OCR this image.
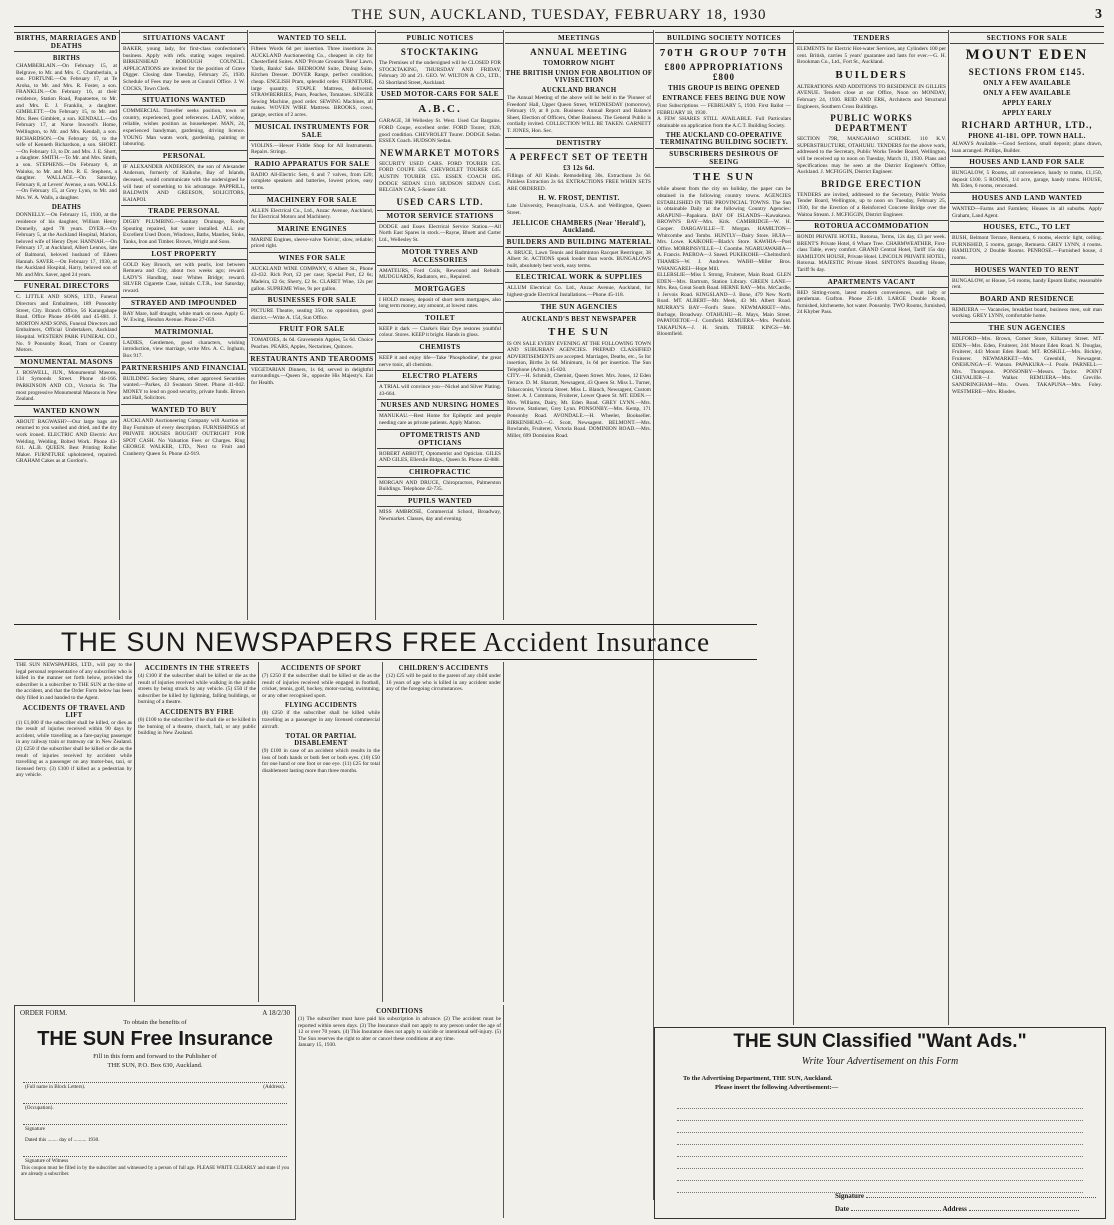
THE SUN, AUCKLAND, TUESDAY, FEBRUARY 18, 1930	3
BIRTHS, MARRIAGES AND DEATHS
BIRTHS
CHAMBERLAIN.—On February 15, at Belgrave, to Mr. and Mrs. C. Chamberlain, a son. FORTUNE.—On February 17, at Te Aroha, to Mr. and Mrs. R. Foster, a son. FRANKLIN.—On February 16, at their residence, Station Road, Papatoetoe, to Mr. and Mrs. E. J. Franklin, a daughter. GIMBLETT.—On February 15, to Mr. and Mrs. Rees Gimblett, a son. KENDALL.—On February 17, at Nurse Inwood's Home, Wellington, to Mr. and Mrs. Kendall, a son. RICHARDSON.—On February 16, to the wife of Kenneth Richardson, a son. SHORT.—On February 13, to Dr. and Mrs. J. E. Short, a daughter. SMITH.—To Mr. and Mrs. Smith, a son. STEPHENS.—On February 6, at Waiuku, to Mr. and Mrs. R. E. Stephens, a daughter. WALLACE.—On Saturday, February 8, at Levers' Avenue, a son. WALLS.—On February 15, at Grey Lynn, to Mr. and Mrs. W. A. Walls, a daughter.
DEATHS
DONNELLY.—On February 15, 1930, at the residence of his daughter, William Henry Donnelly, aged 78 years. DYER.—On February 5, at the Auckland Hospital, Marion, beloved wife of Henry Dyer. HANNAH.—On February 17, at Auckland, Albert Lennox, late of Balmoral, beloved husband of Eileen Hannah. SAVER.—On February 17, 1930, at the Auckland Hospital, Harry, beloved son of Mr. and Mrs. Saver, aged 24 years.
FUNERAL DIRECTORS
C. LITTLE AND SONS, LTD., Funeral Directors and Embalmers, 189 Ponsonby Street, City. Branch Office, 56 Karangahape Road. Office Phone 46-606 and 45-881. J. MORTON AND SONS, Funeral Directors and Embalmers, Official Undertakers, Auckland Hospital. WESTERN PARK FUNERAL CO., No. 9 Ponsonby Road, Tram or Country Motors.
MONUMENTAL MASONS
J. BOSWELL, JUN., Monumental Masons, 134 Symonds Street. Phone 44-166. PARKINSON AND CO., Victoria St. The most progressive Monumental Masons in New Zealand.
WANTED KNOWN
ABOUT BAGWASH?—Our large bags are returned to you washed and dried, and the dry work ironed. ELECTRIC AND Electric Arc Welding, Welding, Bolted Work. Phone 43-611. AL.B. QUEEN. Best Printing Roller Maker. FURNITURE upholstered, repaired. GRAHAM Cakes as at Gordon's.
SITUATIONS VACANT
BAKER, young lady, for first-class confectioner's business. Apply with refs. stating wages required. BIRKENHEAD BOROUGH COUNCIL. APPLICATIONS are invited for the position of Grave Digger. Closing date Tuesday, February 25, 1930. Schedule of Fees may be seen at Council Office. J. W. COCKS, Town Clerk.
SITUATIONS WANTED
COMMERCIAL Traveller seeks position, town or country, experienced, good references. LADY, widow, reliable, wishes position as housekeeper. MAN, 24, experienced handyman, gardening, driving licence. YOUNG Man wants work, gardening, painting or labouring.
PERSONAL
IF ALEXANDER ANDERSON, the son of Alexander Anderson, formerly of Kaikohe, Bay of Islands, deceased, would communicate with the undersigned he will hear of something to his advantage. PAPPRILL, BALDWIN AND GREESON, SOLICITORS, KAIAPOI.
TRADE PERSONAL
DIGBY PLUMBING.—Sanitary Drainage, Roofs, Spouting repaired, hot water installed. ALL our Excellent Used Doors, Windows, Baths, Mantles, Sinks, Tanks, Iron and Timber. Brown, Wright and Sons.
LOST PROPERTY
GOLD Key Brooch, set with pearls, lost between Remuera and City, about two weeks ago; reward. LADY'S Handbag, near Whites Bridge; reward. SILVER Cigarette Case, initials C.T.R., lost Saturday, reward.
STRAYED AND IMPOUNDED
BAY Mare, half draught, white mark on nose. Apply G. W. Ewing, Hendon Avenue. Phone 27-059.
MATRIMONIAL
LADIES, Gentlemen, good characters, wishing introduction, view marriage, write Mrs. A. C. Ingham, Box 917.
PARTNERSHIPS AND FINANCIAL
BUILDING Society Shares, other approved Securities wanted.—Parkes, 43 Swanson Street. Phone 41-042. MONEY to lend on good security, private funds. Brown and Hall, Solicitors.
WANTED TO BUY
AUCKLAND Auctioneering Company will Auction or Buy Furniture of every description. FURNISHINGS of PRIVATE HOUSES BOUGHT OUTRIGHT FOR SPOT CASH. No Valuation Fees or Charges. Ring GEORGE WALKER, LTD., Next to Fruit and Cranberry Queen St. Phone 42-919.
WANTED TO SELL
Fifteen Words 6d per insertion. Three insertions 2s. AUCKLAND Auctioneering Co., cheapest in city for Chesterfield Suites. AND 'Private Grounds 'Rose' Lawn, Yards, Banks' Sale. BEDROOM Suite, Dining Suite, Kitchen Dresser. DOVER Range, perfect condition, cheap. ENGLISH Pram, splendid order. FURNITURE, large quantity. STAPLE Mattress, delivered. STRAWBERRIES, Pears, Peaches, Tomatoes. SINGER Sewing Machine, good order. SEWING Machines, all makes. WOVEN WIRE Mattress. BROOKS, cows, garage, section of 2 acres.
MUSICAL INSTRUMENTS FOR SALE
VIOLINS.—Hewer Fiddle Shop for All Instruments. Repairs. Strings.
RADIO APPARATUS FOR SALE
RADIO All-Electric Sets, 6 and 7 valves, from £20; complete speakers and batteries, lowest prices, easy terms.
MACHINERY FOR SALE
ALLEN Electrical Co., Ltd., Anzac Avenue, Auckland, for Electrical Motors and Machinery.
MARINE ENGINES
MARINE Engines, sleeve-valve 'Kelvin', slow, reliable; priced right.
WINES FOR SALE
AUCKLAND WINE COMPANY, 6 Albert St., Phone 43-432. Rich Port, £2 per case; Special Port, £2 6s; Madeira, £2 6s; Sherry, £2 6s. CLARET Wine, 12s per gallon. SUPREME Wine, 9s per gallon.
BUSINESSES FOR SALE
PICTURE Theatre, seating 350, no opposition, good district.—Write A. 154, Sun Office.
FRUIT FOR SALE
TOMATOES, 4s 6d. Gravenstein Apples, 5s 6d. Choice Peaches. PEARS, Apples, Nectarines, Quinces.
RESTAURANTS AND TEAROOMS
VEGETARIAN Dinners, 1s 6d, served in delightful surroundings.—Queen St., opposite His Majesty's. Eat for Health.
PUBLIC NOTICES
STOCKTAKING
The Premises of the undersigned will be CLOSED FOR STOCKTAKING, THURSDAY AND FRIDAY, February 20 and 21. GEO. W. WILTON & CO., LTD., 63 Shortland Street, Auckland.
USED MOTOR-CARS FOR SALE
A.B.C.
GARAGE, 38 Wellesley St. West. Used Car Bargains. FORD Coupe, excellent order. FORD Tourer, 1928, good condition. CHEVROLET Tourer. DODGE Sedan. ESSEX Coach. HUDSON Sedan.
NEWMARKET MOTORS
SECURITY USED CARS. FORD TOURER £35. FORD COUPE £65. CHEVROLET TOURER £45. AUSTIN TOURER £55. ESSEX COACH £85. DODGE SEDAN £110. HUDSON SEDAN £145. BELGIAN CAR, 5-Seater £40.
USED CARS LTD.
MOTOR SERVICE STATIONS
DODGE and Essex Electrical Service Station.—All North East Spares in stock.—Rayne, Bluett and Carter Ltd., Wellesley St.
MOTOR TYRES AND ACCESSORIES
AMATEURS, Ford Coils, Rewound and Rebuilt. MUDGUARDS, Radiators, etc., Repaired.
MORTGAGES
I HOLD money, deposit of short term mortgages, also long term money, any amount, at lowest rates.
TOILET
KEEP it dark — Clarke's Hair Dye restores youthful colour. Stores. KEEP it bright. Hands in gloss.
CHEMISTS
KEEP it and enjoy life—Take 'Phosphodine', the great nerve tonic, all chemists.
ELECTRO PLATERS
A TRIAL will convince you—Nickel and Silver Plating. 43-664.
NURSES AND NURSING HOMES
MANUKAU.—Rest Home for Epileptic and people needing care as private patients. Apply Matron.
OPTOMETRISTS AND OPTICIANS
ROBERT ABBOTT, Optometrist and Optician. GILES AND GILES, Ellerslie Bldgs., Queen St. Phone 42-888.
CHIROPRACTIC
MORGAN AND DRUCE, Chiropractors, Palmerston Buildings. Telephone 42-735.
PUPILS WANTED
MISS AMBROSE, Commercial School, Broadway, Newmarket. Classes, day and evening.
MEETINGS
ANNUAL MEETING
TOMORROW NIGHT
THE BRITISH UNION FOR ABOLITION OF VIVISECTION
AUCKLAND BRANCH
The Annual Meeting of the above will be held in the 'Pioneer of Freedom' Hall, Upper Queen Street, WEDNESDAY (tomorrow), February 19, at 8 p.m. Business: Annual Report and Balance Sheet, Election of Officers, Other Business. The General Public is cordially invited. COLLECTION WILL BE TAKEN. GARNETT T. JONES, Hon. Sec.
DENTISTRY
A PERFECT SET OF TEETH
£3 12s 6d.
Fillings of All Kinds. Remodelling 30s. Extractions 2s 6d. Painless Extraction 2s 6d. EXTRACTIONS FREE WHEN SETS ARE ORDERED.
H. W. FROST, DENTIST.
Late University, Pennsylvania, U.S.A. and Wellington, Queen Street.
JELLICOE CHAMBERS (Near 'Herald'), Auckland.
BUILDERS AND BUILDING MATERIAL
A. BRUCE, Lawn Tennis and Badminton Racquet Restringer, 38 Albert St. ACTIONS speak louder than words. BUNGALOWS built, absolutely best work, easy terms.
ELECTRICAL WORK & SUPPLIES
ALLUM Electrical Co. Ltd., Anzac Avenue, Auckland, for highest-grade Electrical Installations.—Phone 45-118.
THE SUN AGENCIES
AUCKLAND'S BEST NEWSPAPER
THE SUN
IS ON SALE EVERY EVENING AT THE FOLLOWING TOWN AND SUBURBAN AGENCIES. PREPAID CLASSIFIED ADVERTISEMENTS are accepted. Marriages, Deaths, etc., 5s for insertion, Births 2s 6d. Minimum, 1s 6d per insertion. The Sun Telephone (Advts.) 45-820.
CITY.—H. Schmidt, Chemist, Queen Street. Mrs. Jones, 12 Eden Terrace. D. M. Sharratt, Newsagent, 43 Queen St. Miss L. Turner, Tobacconist, Victoria Street. Miss L. Blanch, Newsagent, Custom Street. A. J. Commons, Fruiterer, Lower Queen St. MT. EDEN.—Mrs. Williams, Dairy, Mt. Eden Road. GREY LYNN.—Mrs. Browne, Stationer, Grey Lynn. PONSONBY.—Mrs. Kemp, 171 Ponsonby Road. AVONDALE.—H. Wheeler, Bookseller. BIRKENHEAD.—G. Scott, Newsagent. BELMONT.—Mrs. Rowlands, Fruiterer, Victoria Road. DOMINION ROAD.—Mrs. Miller, 699 Dominion Road.
BUILDING SOCIETY NOTICES
70TH GROUP 70TH
£800 APPROPRIATIONS £800
THIS GROUP IS BEING OPENED
ENTRANCE FEES BEING DUE NOW
First Subscriptions — FEBRUARY 5, 1930. First Ballot — FEBRUARY 18, 1930.
A FEW SHARES STILL AVAILABLE. Full Particulars obtainable on application from the A.C.T. Building Society.
THE AUCKLAND CO-OPERATIVE TERMINATING BUILDING SOCIETY.
SUBSCRIBERS DESIROUS OF SEEING
THE SUN
while absent from the city on holiday, the paper can be obtained in the following country towns. AGENCIES ESTABLISHED IN THE PROVINCIAL TOWNS. The Sun is obtainable Daily at the following Country Agencies: ARAPUNI—Papakura. BAY OF ISLANDS—Kawakawa. BROWN'S BAY—Mrs. Kirk. CAMBRIDGE—W. H. Cooper. DARGAVILLE—T. Morgan. HAMILTON—Whitcombe and Tombs. HUNTLY—Dairy Store. HUIA—Mrs. Lowe. KAIKOHE—Black's Store. KAWHIA—Post Office. MORRINSVILLE—J. Coombe. NGARUAWAHIA—A. Francis. PAEROA—J. Sneed. PUKEKOHE—Chelmsford. THAMES—W. J. Andrews. WAIHI—Miller Bros. WHANGAREI—Hope Mill.
ELLERSLIE—Miss I. Strong, Fruiterer, Main Road. GLEN EDEN—Mrs. Bartrum, Station Library. GREEN LANE—Mrs. Rea, Great South Road. HERNE BAY—Mrs. McCardle, 1 Jervois Road. KINGSLAND—J. Bone, 479 New North Road. MT. ALBERT—Mr. Meek, 43 Mt. Albert Road. MURRAY'S BAY—Ford's Store. NEWMARKET—Mrs. Burbage, Broadway. OTAHUHU—R. Mays, Main Street. PAPATOETOE—J. Cornfield. REMUERA—Mrs. Penfold. TAKAPUNA—J. H. Smith. THREE KINGS—Mr. Bloomfield.
TENDERS
ELEMENTS for Electric Hot-water Services, any Cylinders 100 per cent. British, carries 5 years' guarantee and lasts for ever.—G. H. Brookman Co., Ltd., Fort St., Auckland.
BUILDERS
ALTERATIONS AND ADDITIONS TO RESIDENCE IN GILLIES AVENUE. Tenders close at our Office, Noon on MONDAY, February 24, 1930. REID AND ERK, Architects and Structural Engineers, Southern Cross Buildings.
PUBLIC WORKS DEPARTMENT
SECTION 79R, MANGAHAO SCHEME. 110 K.V. SUPERSTRUCTURE, OTAHUHU. TENDERS for the above work, addressed to the Secretary, Public Works Tender Board, Wellington, will be received up to noon on Tuesday, March 11, 1930. Plans and Specifications may be seen at the District Engineer's Office, Auckland. J. MCFIGGIN, District Engineer.
BRIDGE ERECTION
TENDERS are invited, addressed to the Secretary, Public Works Tender Board, Wellington, up to noon on Tuesday, February 25, 1930, for the Erection of a Reinforced Concrete Bridge over the Waitoa Stream. J. MCFIGGIN, District Engineer.
ROTORUA ACCOMMODATION
BONDI PRIVATE HOTEL, Rotorua, Terms, 12s day, £3 per week. BRENT'S Private Hotel, 6 Whare Tree. CHARMWEATHER, First-class Table, every comfort. GRAND Central Hotel, Tariff 15s day. HAMILTON HOUSE, Private Hotel. LINCOLN PRIVATE HOTEL, Rotorua. MAJESTIC Private Hotel. SINTON'S Boarding House, Tariff 9s day.
APARTMENTS VACANT
BED Sitting-room, latest modern conveniences, suit lady or gentleman. Grafton. Phone 25-140. LARGE Double Room, furnished, kitchenette, hot water. Ponsonby. TWO Rooms, furnished, 24 Khyber Pass.
SECTIONS FOR SALE
MOUNT EDEN
SECTIONS FROM £145.
ONLY A FEW AVAILABLE
ONLY A FEW AVAILABLE
APPLY EARLY
APPLY EARLY
RICHARD ARTHUR, LTD.,
PHONE 41-181. OPP. TOWN HALL.
ALWAYS Available.—Good Sections, small deposit; plans drawn, loan arranged. Phillips, Builder.
HOUSES AND LAND FOR SALE
BUNGALOW, 5 Rooms, all convenience, handy to trams, £1,150, deposit £100. 5 ROOMS, 1/4 acre, garage, handy trams. HOUSE, Mt. Eden, 6 rooms, renovated.
HOUSES AND LAND WANTED
WANTED—Farms and Farmlets; Houses in all suburbs. Apply Graham, Land Agent.
HOUSES, ETC., TO LET
BUSH, Belmont Terrace, Remuera, 6 rooms, electric light, ceiling. FURNISHED, 5 rooms, garage, Remuera. GREY LYNN, 4 rooms. HAMILTON, 2 Double Rooms. PENROSE.—Furnished house, 4 rooms.
HOUSES WANTED TO RENT
BUNGALOW, or House, 5-6 rooms, handy Epsom Baths; reasonable rent.
BOARD AND RESIDENCE
REMUERA — Vacancies, breakfast board, business men, suit man working. GREY LYNN, comfortable home.
THE SUN AGENCIES
MILFORD—Mrs. Brown, Corner Store, Killarney Street. MT. EDEN—Mrs. Eden, Fruiterer, 244 Mount Eden Road. N. Douglas, Fruiterer, 443 Mount Eden Road. MT. ROSKILL—Mrs. Bickley, Fruiterer. NEWMARKET—Mrs. Greenhill, Newsagent. ONEHUNGA—F. Watson. PAPAKURA—J. Poole. PARNELL—Mrs. Thompson. PONSONBY—Messrs. Taylor. POINT CHEVALIER—J. Walker. REMUERA—Mrs. Greville. SANDRINGHAM—Mrs. Owen. TAKAPUNA—Mrs. Foley. WESTMERE—Mrs. Rhodes.
THE SUN NEWSPAPERS FREE Accident Insurance
THE SUN NEWSPAPERS, LTD., will pay to the legal personal representative of any subscriber who is killed in the manner set forth below, provided the subscriber is a subscriber to THE SUN at the time of the accident, and that the Order Form below has been duly filled in and handed to the Agent.
ACCIDENTS OF TRAVEL AND LIFT
(1) £1,000 if the subscriber shall be killed, or dies as the result of injuries received within 90 days by accident, while travelling as a fare-paying passenger in any railway train or tramway car in New Zealand. (2) £250 if the subscriber shall be killed or die as the result of injuries received by accident while travelling as a passenger on any motor-bus, taxi, or licensed ferry. (3) £100 if killed as a pedestrian by any vehicle.
ACCIDENTS IN THE STREETS
(4) £100 if the subscriber shall be killed or die as the result of injuries received while walking in the public streets by being struck by any vehicle. (5) £50 if the subscriber be killed by lightning, falling buildings, or burning of a theatre.
ACCIDENTS BY FIRE
(6) £100 to the subscriber if he shall die or be killed in the burning of a theatre, church, hall, or any public building in New Zealand.
ACCIDENTS OF SPORT
(7) £250 if the subscriber shall be killed or die as the result of injuries received while engaged in football, cricket, tennis, golf, hockey, motor-racing, swimming, or any other recognised sport.
FLYING ACCIDENTS
(8) £250 if the subscriber shall be killed while travelling as a passenger in any licensed commercial aircraft.
TOTAL OR PARTIAL DISABLEMENT
(9) £100 in case of an accident which results in the loss of both hands or both feet or both eyes. (10) £50 for one hand or one foot or one eye. (11) £25 for total disablement lasting more than three months.
CHILDREN'S ACCIDENTS
(12) £25 will be paid to the parent of any child under 16 years of age who is killed in any accident under any of the foregoing circumstances.
CONDITIONS
(1) The subscriber must have paid his subscription in advance. (2) The accident must be reported within seven days. (3) The Insurance shall not apply to any person under the age of 12 or over 70 years. (4) This Insurance does not apply to suicide or intentional self-injury. (5) The Sun reserves the right to alter or cancel these conditions at any time.
January 15, 1930.
ORDER FORM.	A 18/2/30
To obtain the benefits of
THE SUN Free Insurance
Fill in this form and forward to the Publisher of
THE SUN, P.O. Box 630, Auckland.
(Full name in Block Letters).	(Address).
(Occupation).
Signature
Dated this ........ day of .......... 1930.
Signature of Witness
This coupon must be filled in by the subscriber and witnessed by a person of full age. PLEASE WRITE CLEARLY and state if you are already a subscriber.
THE SUN Classified "Want Ads."
Write Your Advertisement on this Form
To the Advertising Department, THE SUN, Auckland.
Please insert the following Advertisement:—
Signature
Date	Address
